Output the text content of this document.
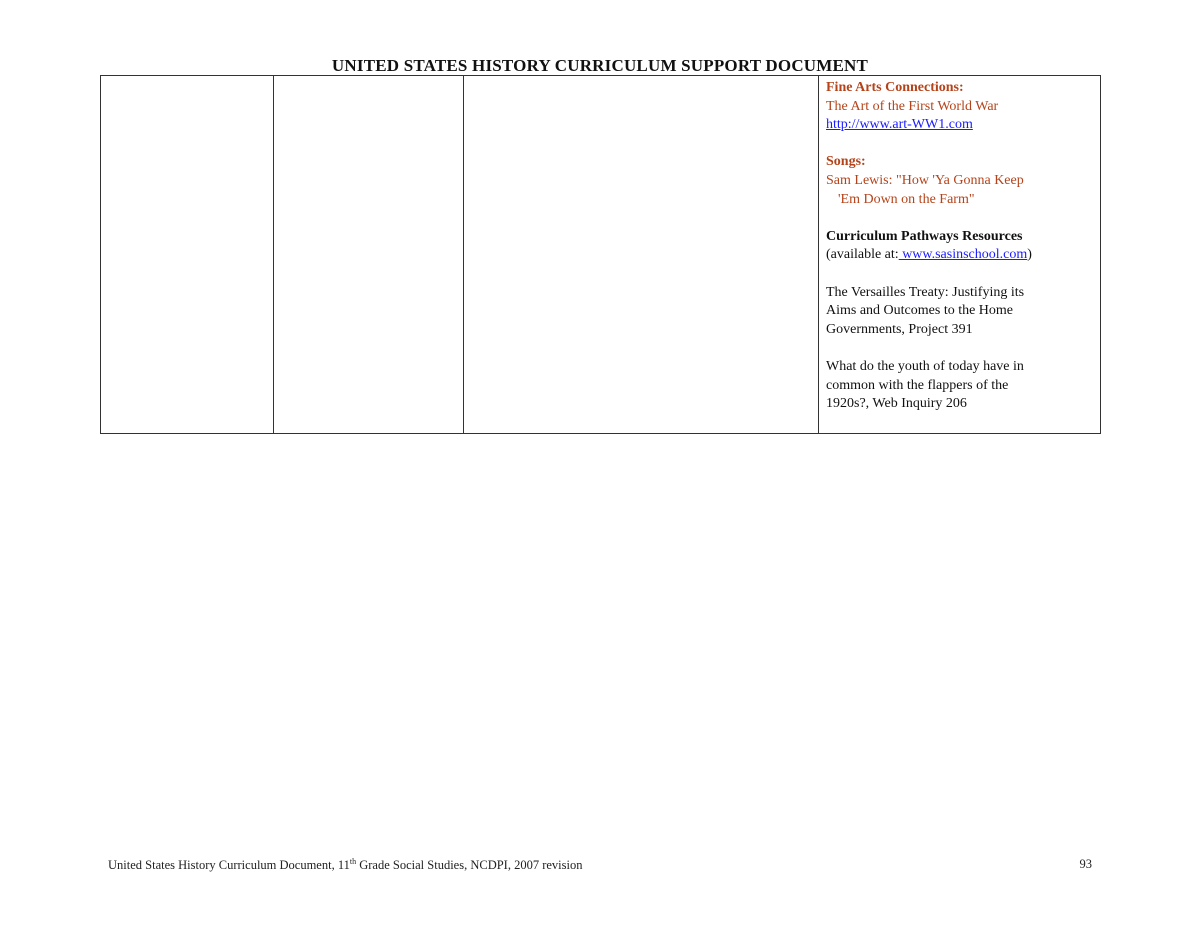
UNITED STATES HISTORY CURRICULUM SUPPORT DOCUMENT

Fine Arts Connections:
The Art of the First World War
http://www.art-WW1.com
Songs:
Sam Lewis: "How 'Ya Gonna Keep
'Em Down on the Farm"
Curriculum Pathways Resources
(available at: www.sasinschool.com)
The Versailles Treaty: Justifying its
Aims and Outcomes to the Home
Governments, Project 391
What do the youth of today have in
common with the flappers of the
1920s?, Web Inquiry 206
United States History Curriculum Document, 11th Grade Social Studies, NCDPI, 2007 revision	93
